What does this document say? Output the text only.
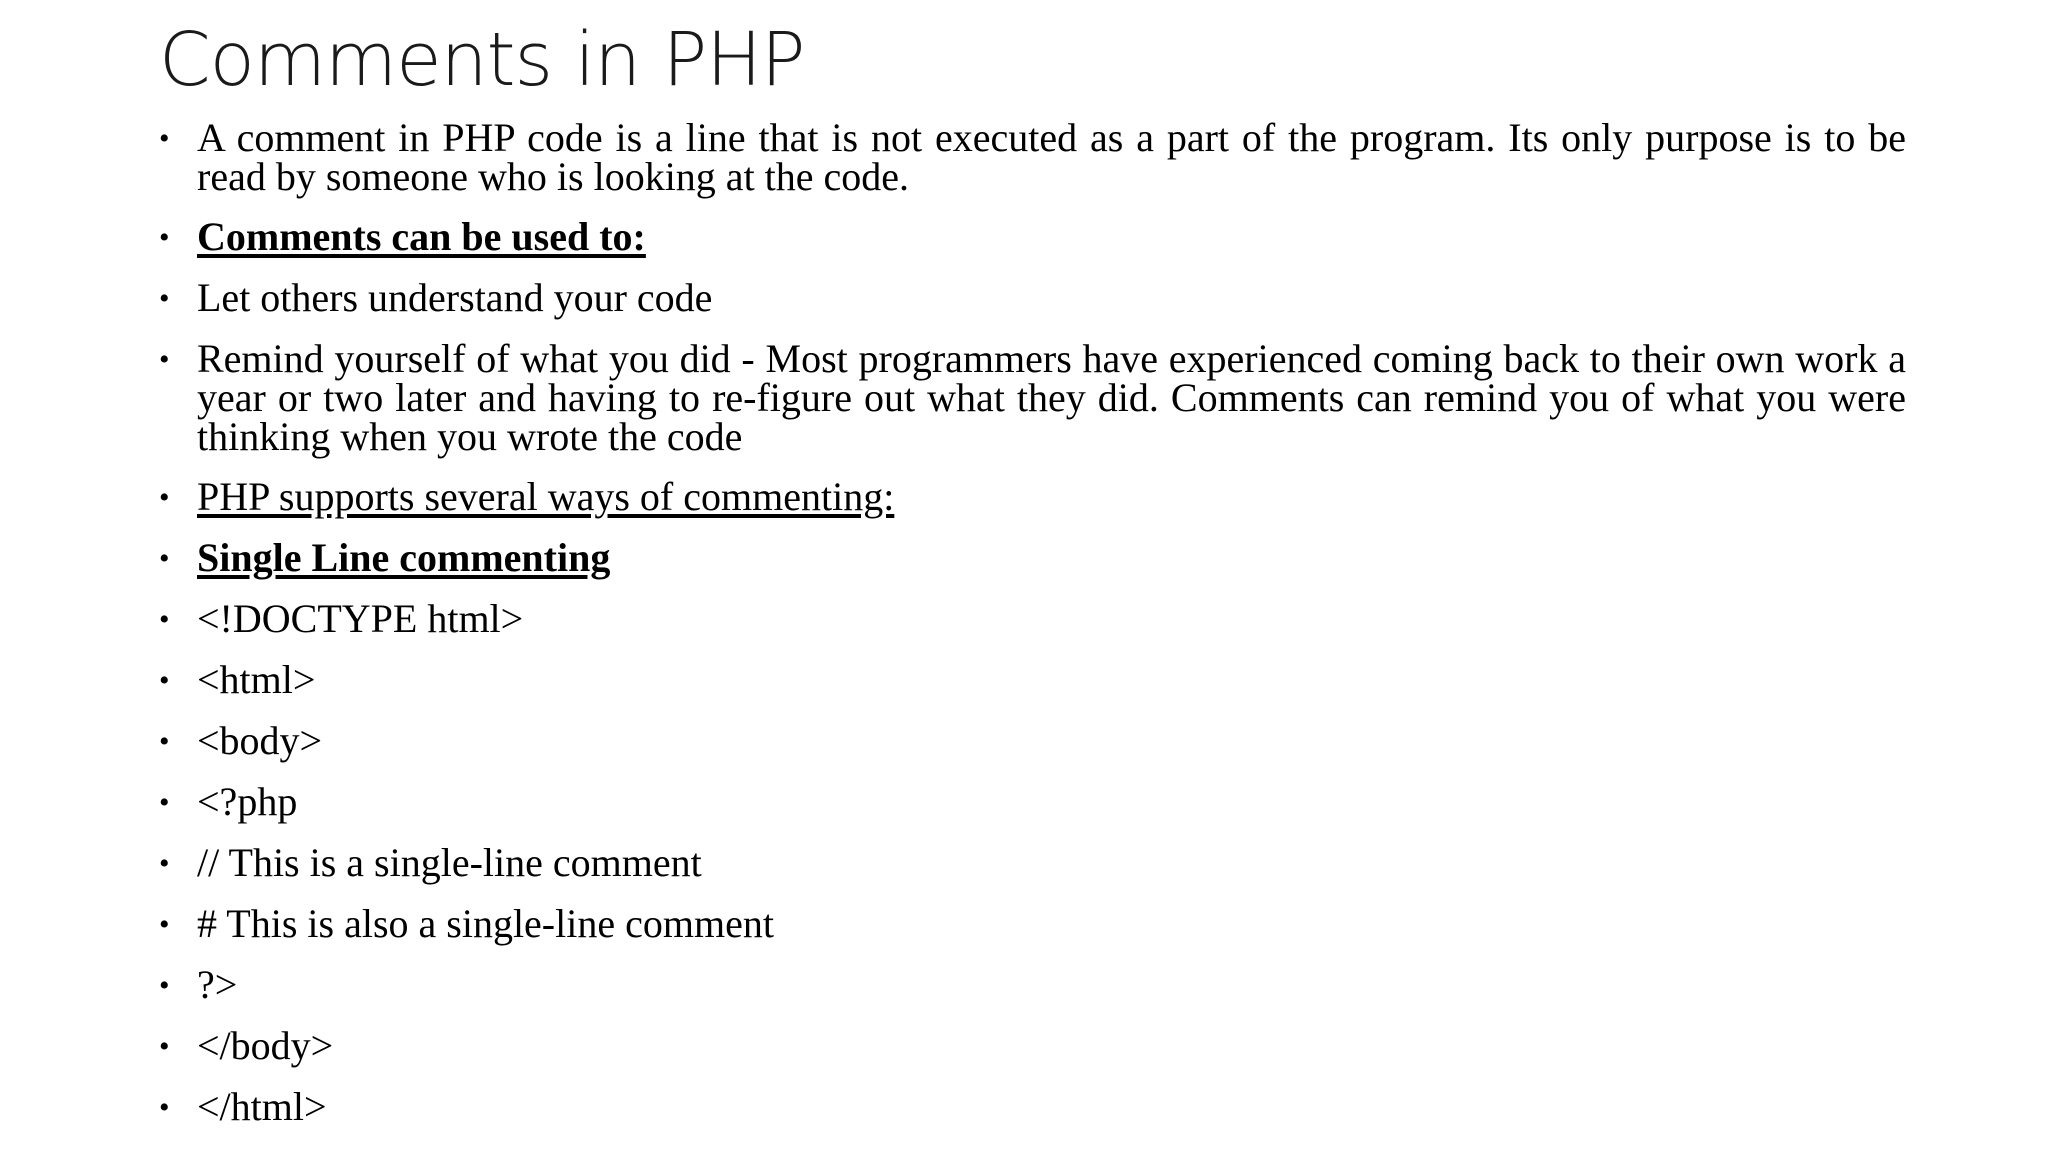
Comments in PHP
• A comment in PHP code is a line that is not executed as a part of the program. Its only purpose is to be read by someone who is looking at the code.
• Comments can be used to:
• Let others understand your code
• Remind yourself of what you did - Most programmers have experienced coming back to their own work a year or two later and having to re-figure out what they did. Comments can remind you of what you were thinking when you wrote the code
• PHP supports several ways of commenting:
• Single Line commenting
• <!DOCTYPE html>
• <html>
• <body>
• <?php
• // This is a single-line comment
• # This is also a single-line comment
• ?>
• </body>
• </html>
